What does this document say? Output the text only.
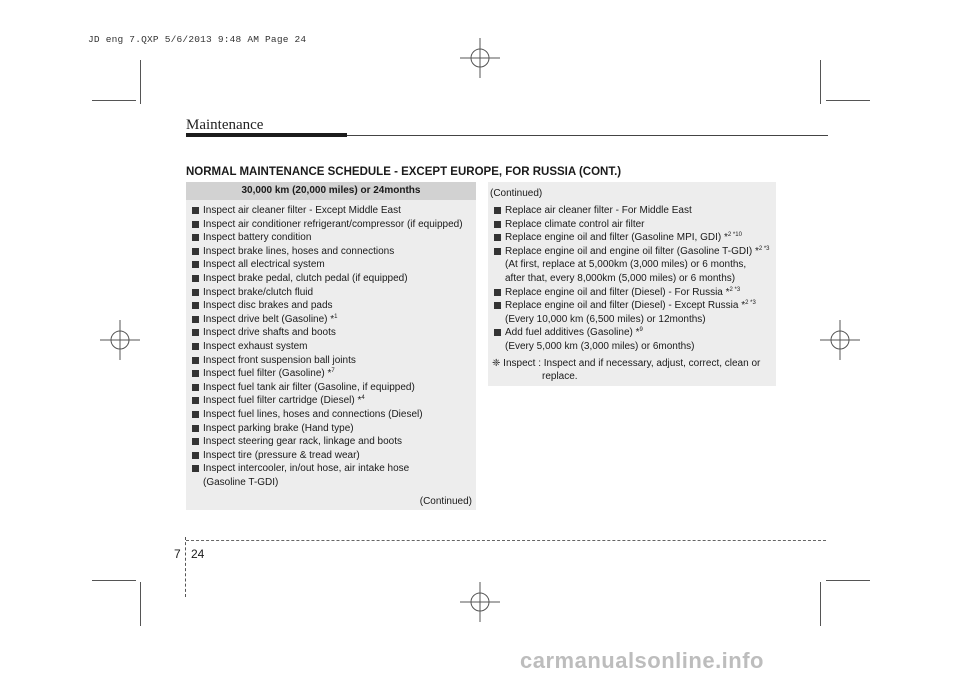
JD eng 7.QXP 5/6/2013 9:48 AM Page 24
Maintenance
NORMAL MAINTENANCE SCHEDULE - EXCEPT EUROPE, FOR RUSSIA (CONT.)
30,000 km (20,000 miles) or 24months
Inspect air cleaner filter - Except Middle East
Inspect air conditioner refrigerant/compressor (if equipped)
Inspect battery condition
Inspect brake lines, hoses and connections
Inspect all electrical system
Inspect brake pedal, clutch pedal (if equipped)
Inspect brake/clutch fluid
Inspect disc brakes and pads
Inspect drive belt (Gasoline) *$^1$
Inspect drive shafts and boots
Inspect exhaust system
Inspect front suspension ball joints
Inspect fuel filter (Gasoline) *$^7$
Inspect fuel tank air filter (Gasoline, if equipped)
Inspect fuel filter cartridge (Diesel) *$^4$
Inspect fuel lines, hoses and connections (Diesel)
Inspect parking brake (Hand type)
Inspect steering gear rack, linkage and boots
Inspect tire (pressure & tread wear)
Inspect intercooler, in/out hose, air intake hose
(Gasoline T-GDI)
(Continued)
(Continued)
Replace air cleaner filter - For Middle East
Replace climate control air filter
Replace engine oil and filter (Gasoline MPI, GDI) *$^{2 *10}$
Replace engine oil and engine oil filter (Gasoline T-GDI) *$^{2 *3}$
(At first, replace at 5,000km (3,000 miles) or 6 months,
after that, every 8,000km (5,000 miles) or 6 months)
Replace engine oil and filter (Diesel) - For Russia *$^{2 *3}$
Replace engine oil and filter (Diesel) - Except Russia *$^{2 *3}$
(Every 10,000 km (6,500 miles) or 12months)
Add fuel additives (Gasoline) *$^9$
(Every 5,000 km (3,000 miles) or 6months)
❈ Inspect : Inspect and if necessary, adjust, correct, clean or
replace.
7 24
carmanualsonline.info
